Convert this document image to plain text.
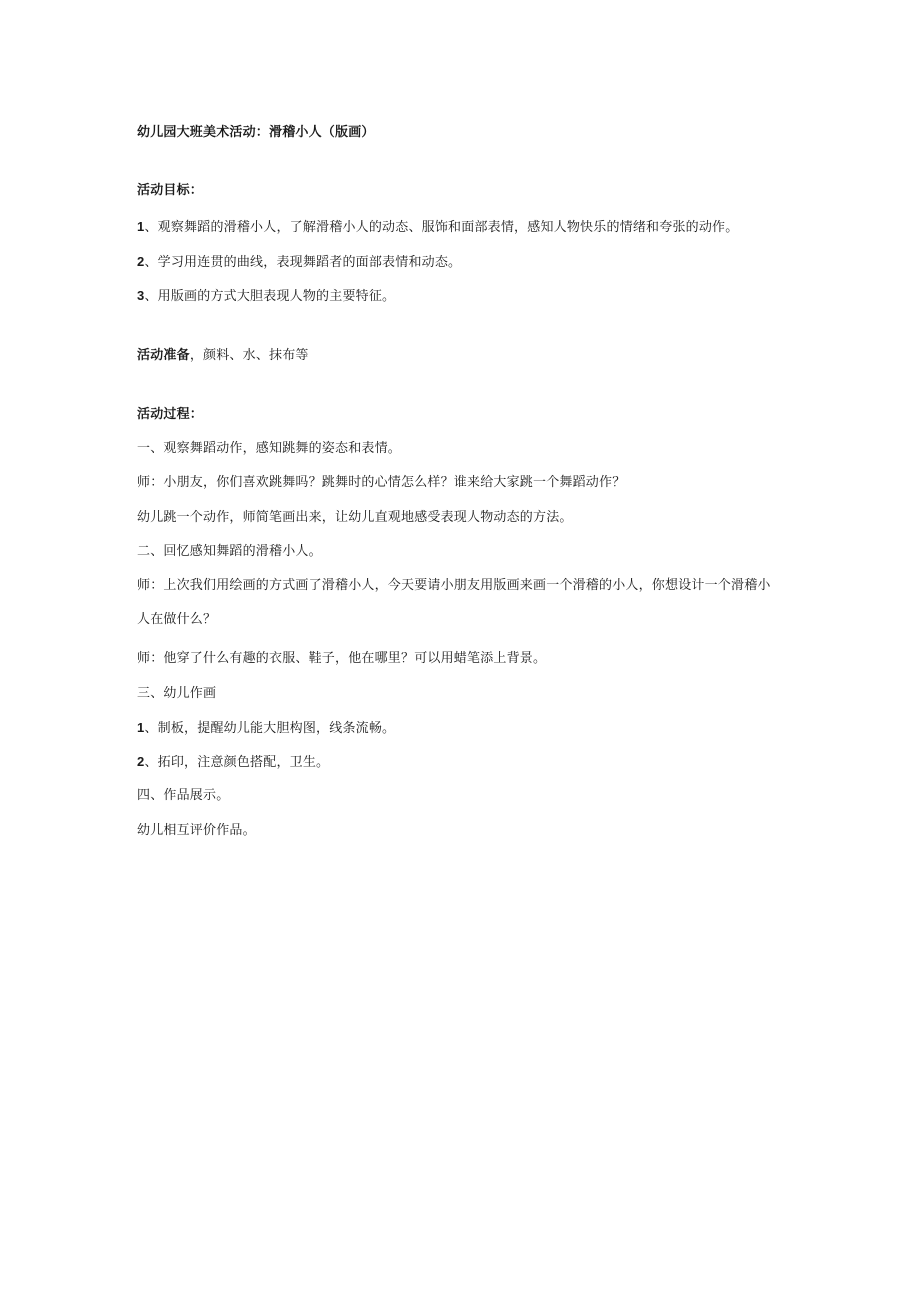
幼儿园大班美术活动：滑稽小人（版画）
活动目标：
1、观察舞蹈的滑稽小人，了解滑稽小人的动态、服饰和面部表情，感知人物快乐的情绪和夸张的动作。
2、学习用连贯的曲线，表现舞蹈者的面部表情和动态。
3、用版画的方式大胆表现人物的主要特征。
活动准备，颜料、水、抹布等
活动过程：
一、观察舞蹈动作，感知跳舞的姿态和表情。
师：小朋友，你们喜欢跳舞吗？跳舞时的心情怎么样？谁来给大家跳一个舞蹈动作？
幼儿跳一个动作，师简笔画出来，让幼儿直观地感受表现人物动态的方法。
二、回忆感知舞蹈的滑稽小人。
师：上次我们用绘画的方式画了滑稽小人，今天要请小朋友用版画来画一个滑稽的小人，你想设计一个滑稽小人在做什么？
师：他穿了什么有趣的衣服、鞋子，他在哪里？可以用蜡笔添上背景。
三、幼儿作画
1、制板，提醒幼儿能大胆构图，线条流畅。
2、拓印，注意颜色搭配，卫生。
四、作品展示。
幼儿相互评价作品。
